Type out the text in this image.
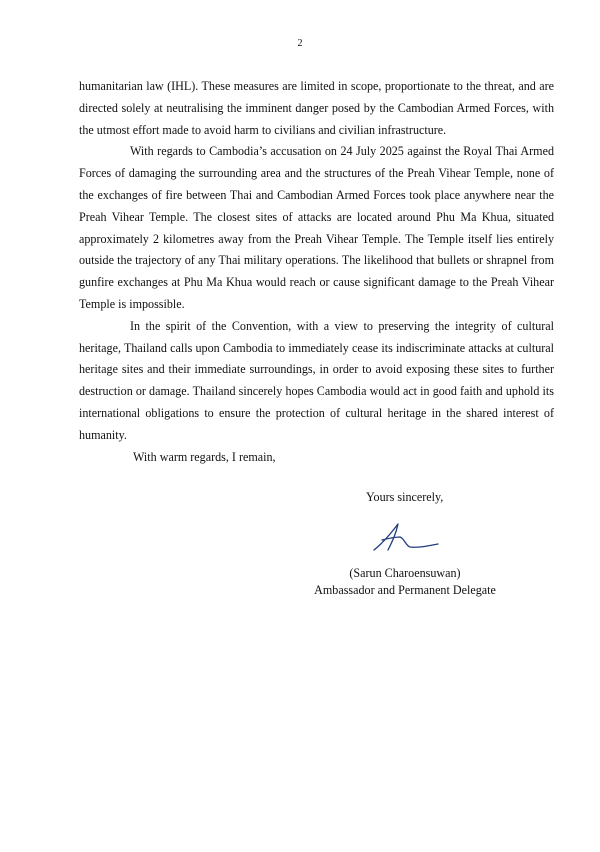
2

humanitarian law (IHL). These measures are limited in scope, proportionate to the threat, and are directed solely at neutralising the imminent danger posed by the Cambodian Armed Forces, with the utmost effort made to avoid harm to civilians and civilian infrastructure.

With regards to Cambodia’s accusation on 24 July 2025 against the Royal Thai Armed Forces of damaging the surrounding area and the structures of the Preah Vihear Temple, none of the exchanges of fire between Thai and Cambodian Armed Forces took place anywhere near the Preah Vihear Temple. The closest sites of attacks are located around Phu Ma Khua, situated approximately 2 kilometres away from the Preah Vihear Temple. The Temple itself lies entirely outside the trajectory of any Thai military operations. The likelihood that bullets or shrapnel from gunfire exchanges at Phu Ma Khua would reach or cause significant damage to the Preah Vihear Temple is impossible.

In the spirit of the Convention, with a view to preserving the integrity of cultural heritage, Thailand calls upon Cambodia to immediately cease its indiscriminate attacks at cultural heritage sites and their immediate surroundings, in order to avoid exposing these sites to further destruction or damage. Thailand sincerely hopes Cambodia would act in good faith and uphold its international obligations to ensure the protection of cultural heritage in the shared interest of humanity.

With warm regards, I remain,

Yours sincerely,
(Sarun Charoensuwan)
Ambassador and Permanent Delegate
